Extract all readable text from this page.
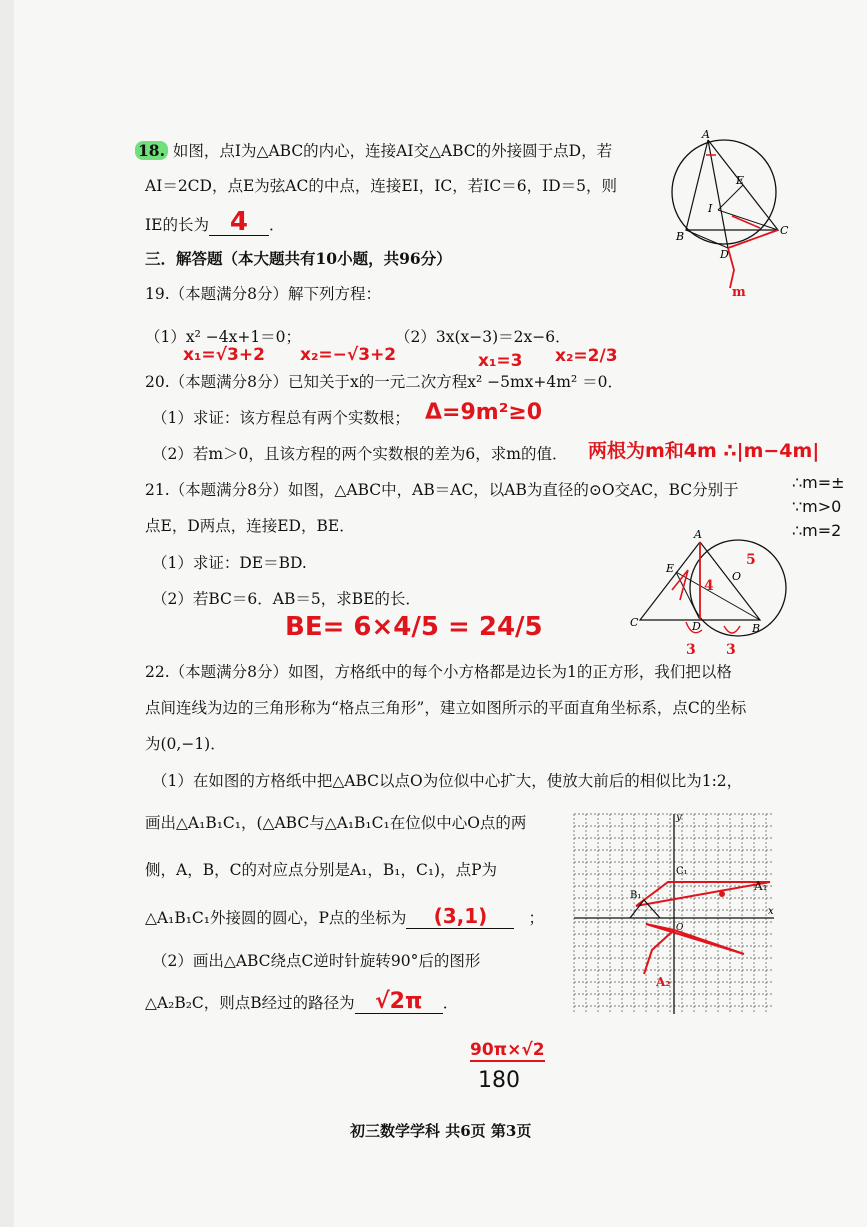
18. 如图，点I为△ABC的内心，连接AI交△ABC的外接圆于点D，若
AI＝2CD，点E为弦AC的中点，连接EI，IC，若IC＝6，ID＝5，则
IE的长为 4 ．
A
B	C
D
E
I
m
三．解答题（本大题共有10小题，共96分）
19.（本题满分8分）解下列方程：
（1）x² −4x+1＝0；	（2）3x(x−3)＝2x−6．
x₁=√3+2 x₂=−√3+2	x₁=3 x₂=2/3
20.（本题满分8分）已知关于x的一元二次方程x² −5mx+4m² ＝0．
（1）求证：该方程总有两个实数根； Δ=9m²≥0
（2）若m＞0，且该方程的两个实数根的差为6，求m的值． 两根为m和4m ∴|m−4m|
∴m=±
∵m>0
∴m=2
21.（本题满分8分）如图，△ABC中，AB＝AC，以AB为直径的⊙O交AC，BC分别于
点E，D两点，连接ED，BE．
（1）求证：DE＝BD.
（2）若BC＝6．AB＝5，求BE的长．
BE= 6×4/5 = 24/5
A
B
C	D
E
O
3 3
5
4
22.（本题满分8分）如图，方格纸中的每个小方格都是边长为1的正方形，我们把以格
点间连线为边的三角形称为“格点三角形”，建立如图所示的平面直角坐标系，点C的坐标
为(0,−1)．
（1）在如图的方格纸中把△ABC以点O为位似中心扩大，使放大前后的相似比为1:2，
画出△A₁B₁C₁，(△ABC与△A₁B₁C₁在位似中心O点的两
侧，A，B，C的对应点分别是A₁，B₁，C₁)，点P为
△A₁B₁C₁外接圆的圆心，P点的坐标为 (3,1)	；
（2）画出△ABC绕点C逆时针旋转90°后的图形
△A₂B₂C，则点B经过的路径为 √2π ．
90π×√2
180
y
x
O
A₁
A₂
B₁
C₁
初三数学学科 共6页 第3页
